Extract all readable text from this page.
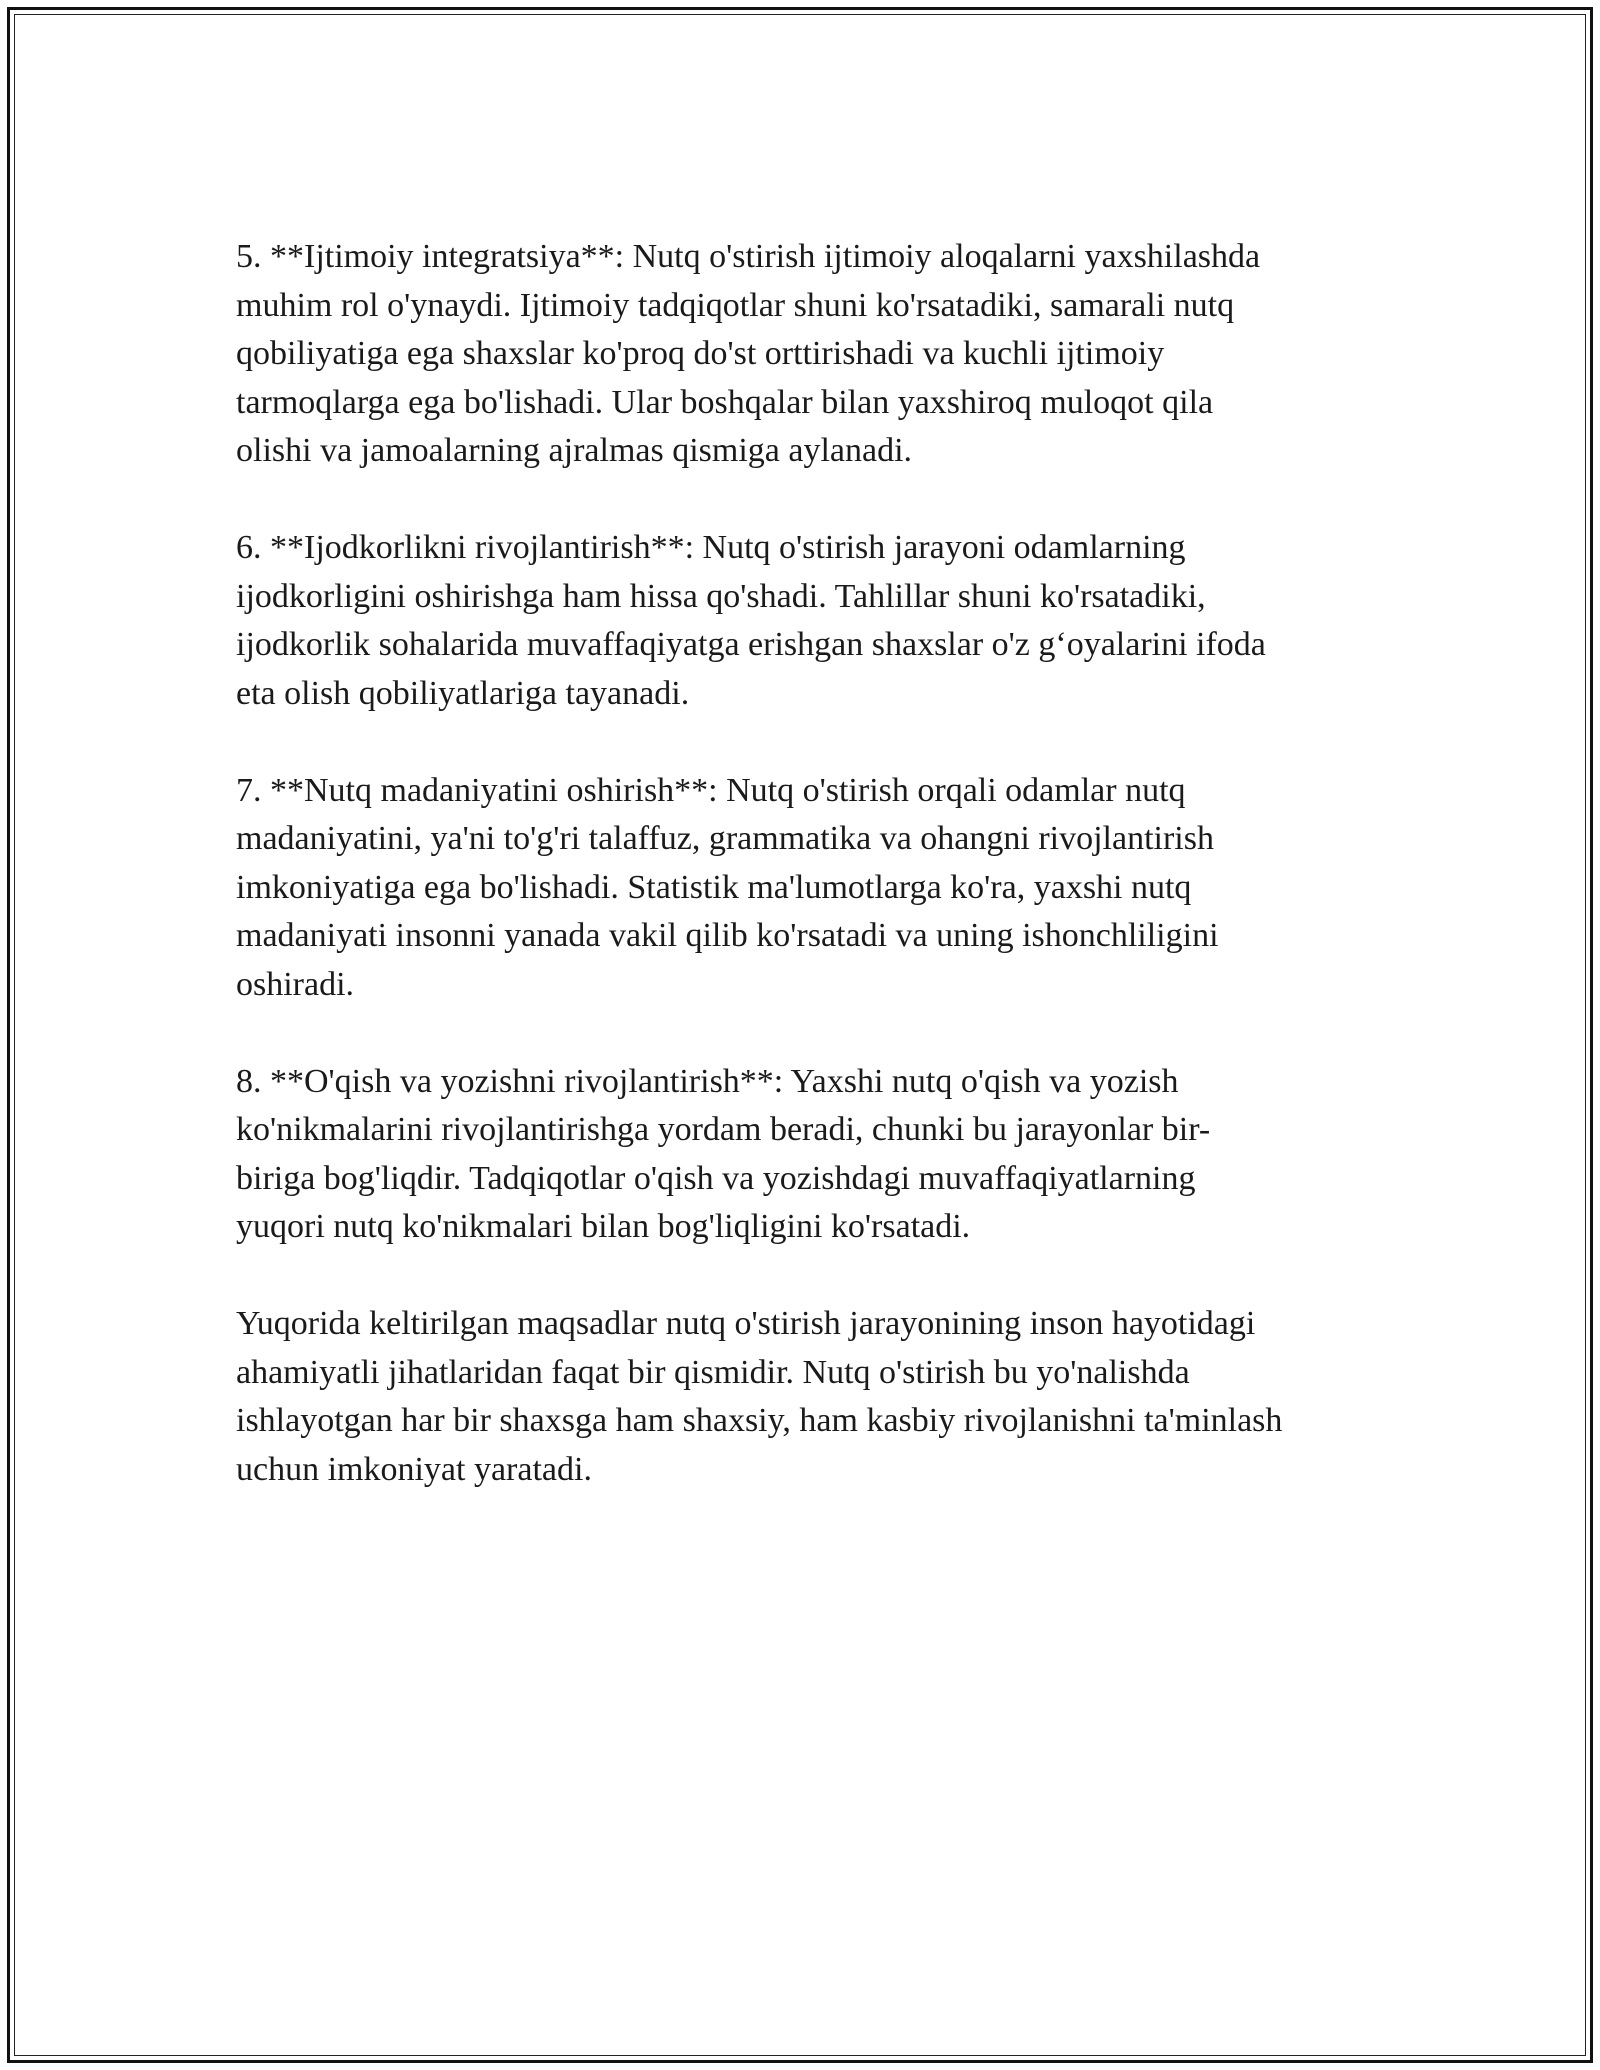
5. **Ijtimoiy integratsiya**: Nutq o'stirish ijtimoiy aloqalarni yaxshilashda
muhim rol o'ynaydi. Ijtimoiy tadqiqotlar shuni ko'rsatadiki, samarali nutq
qobiliyatiga ega shaxslar ko'proq do'st orttirishadi va kuchli ijtimoiy
tarmoqlarga ega bo'lishadi. Ular boshqalar bilan yaxshiroq muloqot qila
olishi va jamoalarning ajralmas qismiga aylanadi.

6. **Ijodkorlikni rivojlantirish**: Nutq o'stirish jarayoni odamlarning
ijodkorligini oshirishga ham hissa qo'shadi. Tahlillar shuni ko'rsatadiki,
ijodkorlik sohalarida muvaffaqiyatga erishgan shaxslar o'z g‘oyalarini ifoda
eta olish qobiliyatlariga tayanadi.

7. **Nutq madaniyatini oshirish**: Nutq o'stirish orqali odamlar nutq
madaniyatini, ya'ni to'g'ri talaffuz, grammatika va ohangni rivojlantirish
imkoniyatiga ega bo'lishadi. Statistik ma'lumotlarga ko'ra, yaxshi nutq
madaniyati insonni yanada vakil qilib ko'rsatadi va uning ishonchliligini
oshiradi.

8. **O'qish va yozishni rivojlantirish**: Yaxshi nutq o'qish va yozish
ko'nikmalarini rivojlantirishga yordam beradi, chunki bu jarayonlar bir-
biriga bog'liqdir. Tadqiqotlar o'qish va yozishdagi muvaffaqiyatlarning
yuqori nutq ko'nikmalari bilan bog'liqligini ko'rsatadi.

Yuqorida keltirilgan maqsadlar nutq o'stirish jarayonining inson hayotidagi
ahamiyatli jihatlaridan faqat bir qismidir. Nutq o'stirish bu yo'nalishda
ishlayotgan har bir shaxsga ham shaxsiy, ham kasbiy rivojlanishni ta'minlash
uchun imkoniyat yaratadi.
